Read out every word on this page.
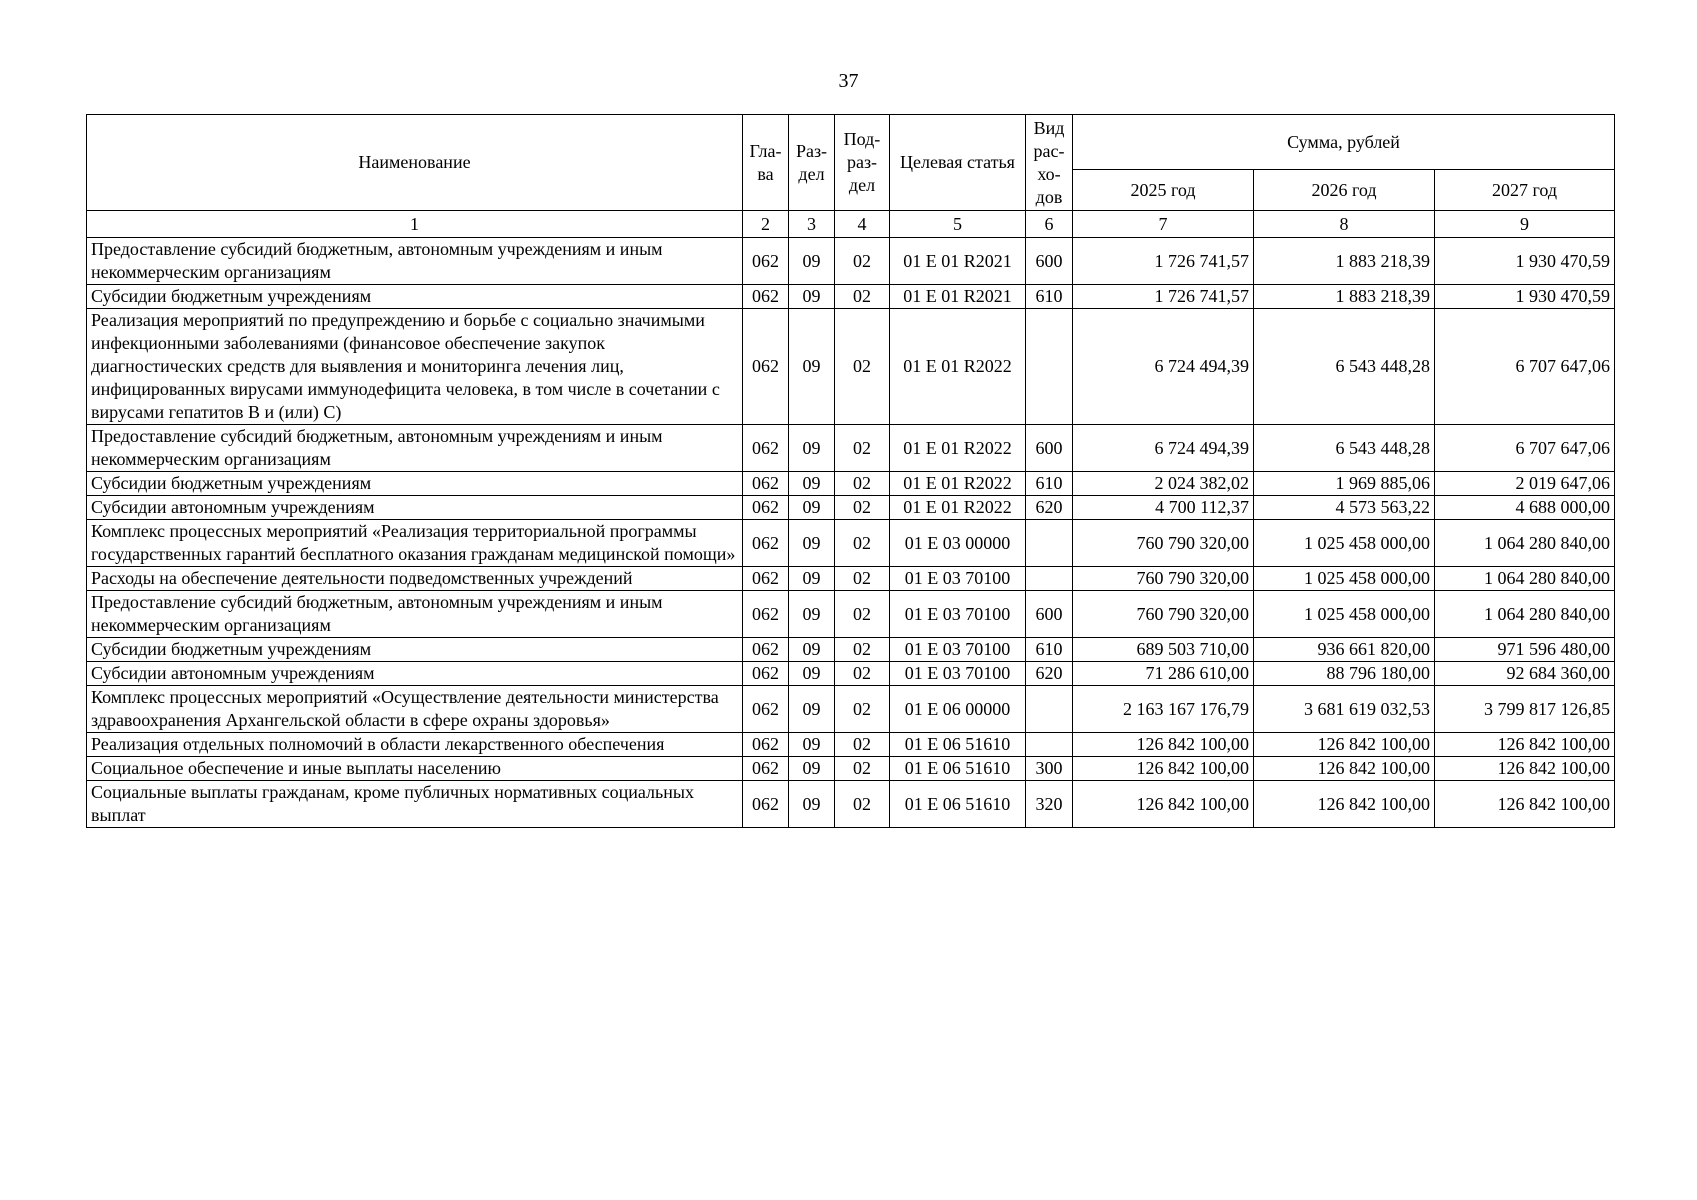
37
Наименование	Гла-ва	Раз-дел	Под-раз-дел	Целевая статья	Вид рас-хо-дов	Сумма, рублей		
						2025 год	2026 год	2027 год
1	2	3	4	5	6	7	8	9
Предоставление субсидий бюджетным, автономным учреждениям и иным некоммерческим организациям	062	09	02	01 Е 01 R2021	600	1 726 741,57	1 883 218,39	1 930 470,59
Субсидии бюджетным учреждениям	062	09	02	01 Е 01 R2021	610	1 726 741,57	1 883 218,39	1 930 470,59
Реализация мероприятий по предупреждению и борьбе с социально значимыми инфекционными заболеваниями (финансовое обеспечение закупок диагностических средств для выявления и мониторинга лечения лиц, инфицированных вирусами иммунодефицита человека, в том числе в сочетании с вирусами гепатитов B и (или) C)	062	09	02	01 Е 01 R2022		6 724 494,39	6 543 448,28	6 707 647,06
Предоставление субсидий бюджетным, автономным учреждениям и иным некоммерческим организациям	062	09	02	01 Е 01 R2022	600	6 724 494,39	6 543 448,28	6 707 647,06
Субсидии бюджетным учреждениям	062	09	02	01 Е 01 R2022	610	2 024 382,02	1 969 885,06	2 019 647,06
Субсидии автономным учреждениям	062	09	02	01 Е 01 R2022	620	4 700 112,37	4 573 563,22	4 688 000,00
Комплекс процессных мероприятий «Реализация территориальной программы государственных гарантий бесплатного оказания гражданам медицинской помощи»	062	09	02	01 Е 03 00000		760 790 320,00	1 025 458 000,00	1 064 280 840,00
Расходы на обеспечение деятельности подведомственных учреждений	062	09	02	01 Е 03 70100		760 790 320,00	1 025 458 000,00	1 064 280 840,00
Предоставление субсидий бюджетным, автономным учреждениям и иным некоммерческим организациям	062	09	02	01 Е 03 70100	600	760 790 320,00	1 025 458 000,00	1 064 280 840,00
Субсидии бюджетным учреждениям	062	09	02	01 Е 03 70100	610	689 503 710,00	936 661 820,00	971 596 480,00
Субсидии автономным учреждениям	062	09	02	01 Е 03 70100	620	71 286 610,00	88 796 180,00	92 684 360,00
Комплекс процессных мероприятий «Осуществление деятельности министерства здравоохранения Архангельской области в сфере охраны здоровья»	062	09	02	01 Е 06 00000		2 163 167 176,79	3 681 619 032,53	3 799 817 126,85
Реализация отдельных полномочий в области лекарственного обеспечения	062	09	02	01 Е 06 51610		126 842 100,00	126 842 100,00	126 842 100,00
Социальное обеспечение и иные выплаты населению	062	09	02	01 Е 06 51610	300	126 842 100,00	126 842 100,00	126 842 100,00
Социальные выплаты гражданам, кроме публичных нормативных социальных выплат	062	09	02	01 Е 06 51610	320	126 842 100,00	126 842 100,00	126 842 100,00
